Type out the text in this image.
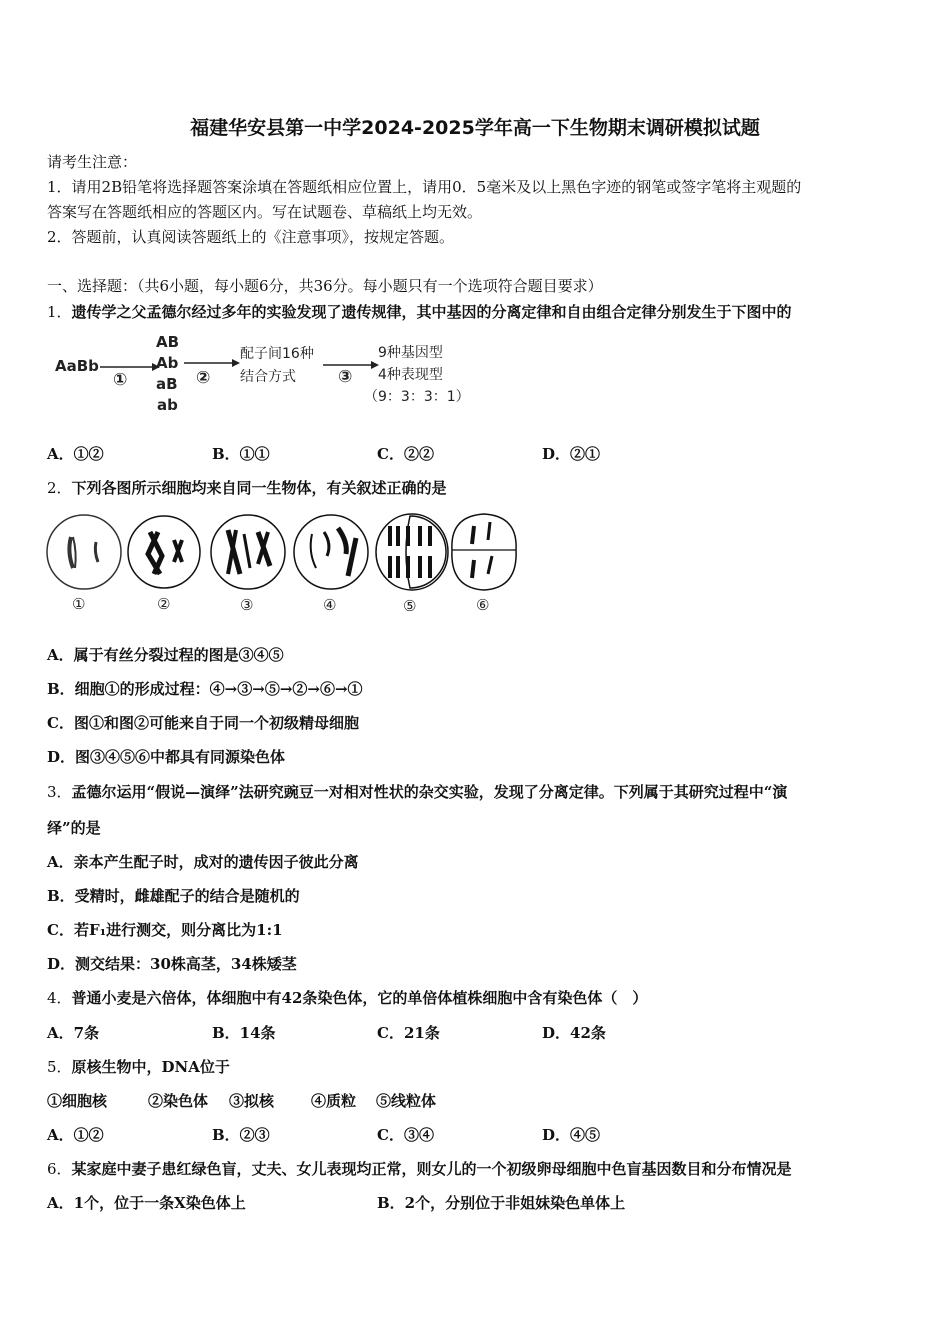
福建华安县第一中学2024-2025学年高一下生物期末调研模拟试题
请考生注意：
1．请用2B铅笔将选择题答案涂填在答题纸相应位置上，请用0．5毫米及以上黑色字迹的钢笔或签字笔将主观题的
答案写在答题纸相应的答题区内。写在试题卷、草稿纸上均无效。
2．答题前，认真阅读答题纸上的《注意事项》，按规定答题。
一、选择题：（共6小题，每小题6分，共36分。每小题只有一个选项符合题目要求）
1．遗传学之父孟德尔经过多年的实验发现了遗传规律，其中基因的分离定律和自由组合定律分别发生于下图中的
AaBb
①
AB
Ab
aB
ab
②
配子间16种
结合方式 ③
9种基因型
4种表现型
（9：3：3：1）
A．①②	B．①①	C．②②	D．②①
2．下列各图所示细胞均来自同一生物体，有关叙述正确的是
①	②	③	④	⑤	⑥
A．属于有丝分裂过程的图是③④⑤
B．细胞①的形成过程：④→③→⑤→②→⑥→①
C．图①和图②可能来自于同一个初级精母细胞
D．图③④⑤⑥中都具有同源染色体
3．孟德尔运用“假说—演绎”法研究豌豆一对相对性状的杂交实验，发现了分离定律。下列属于其研究过程中“演
绎”的是
A．亲本产生配子时，成对的遗传因子彼此分离
B．受精时，雌雄配子的结合是随机的
C．若F₁进行测交，则分离比为1:1
D．测交结果：30株高茎，34株矮茎
4．普通小麦是六倍体，体细胞中有42条染色体，它的单倍体植株细胞中含有染色体（　）
A．7条	B．14条	C．21条	D．42条
5．原核生物中，DNA位于
①细胞核	②染色体 ③拟核 ④质粒 ⑤线粒体
A．①②	B．②③	C．③④	D．④⑤
6．某家庭中妻子患红绿色盲，丈夫、女儿表现均正常，则女儿的一个初级卵母细胞中色盲基因数目和分布情况是
A．1个，位于一条X染色体上	B．2个，分别位于非姐妹染色单体上
